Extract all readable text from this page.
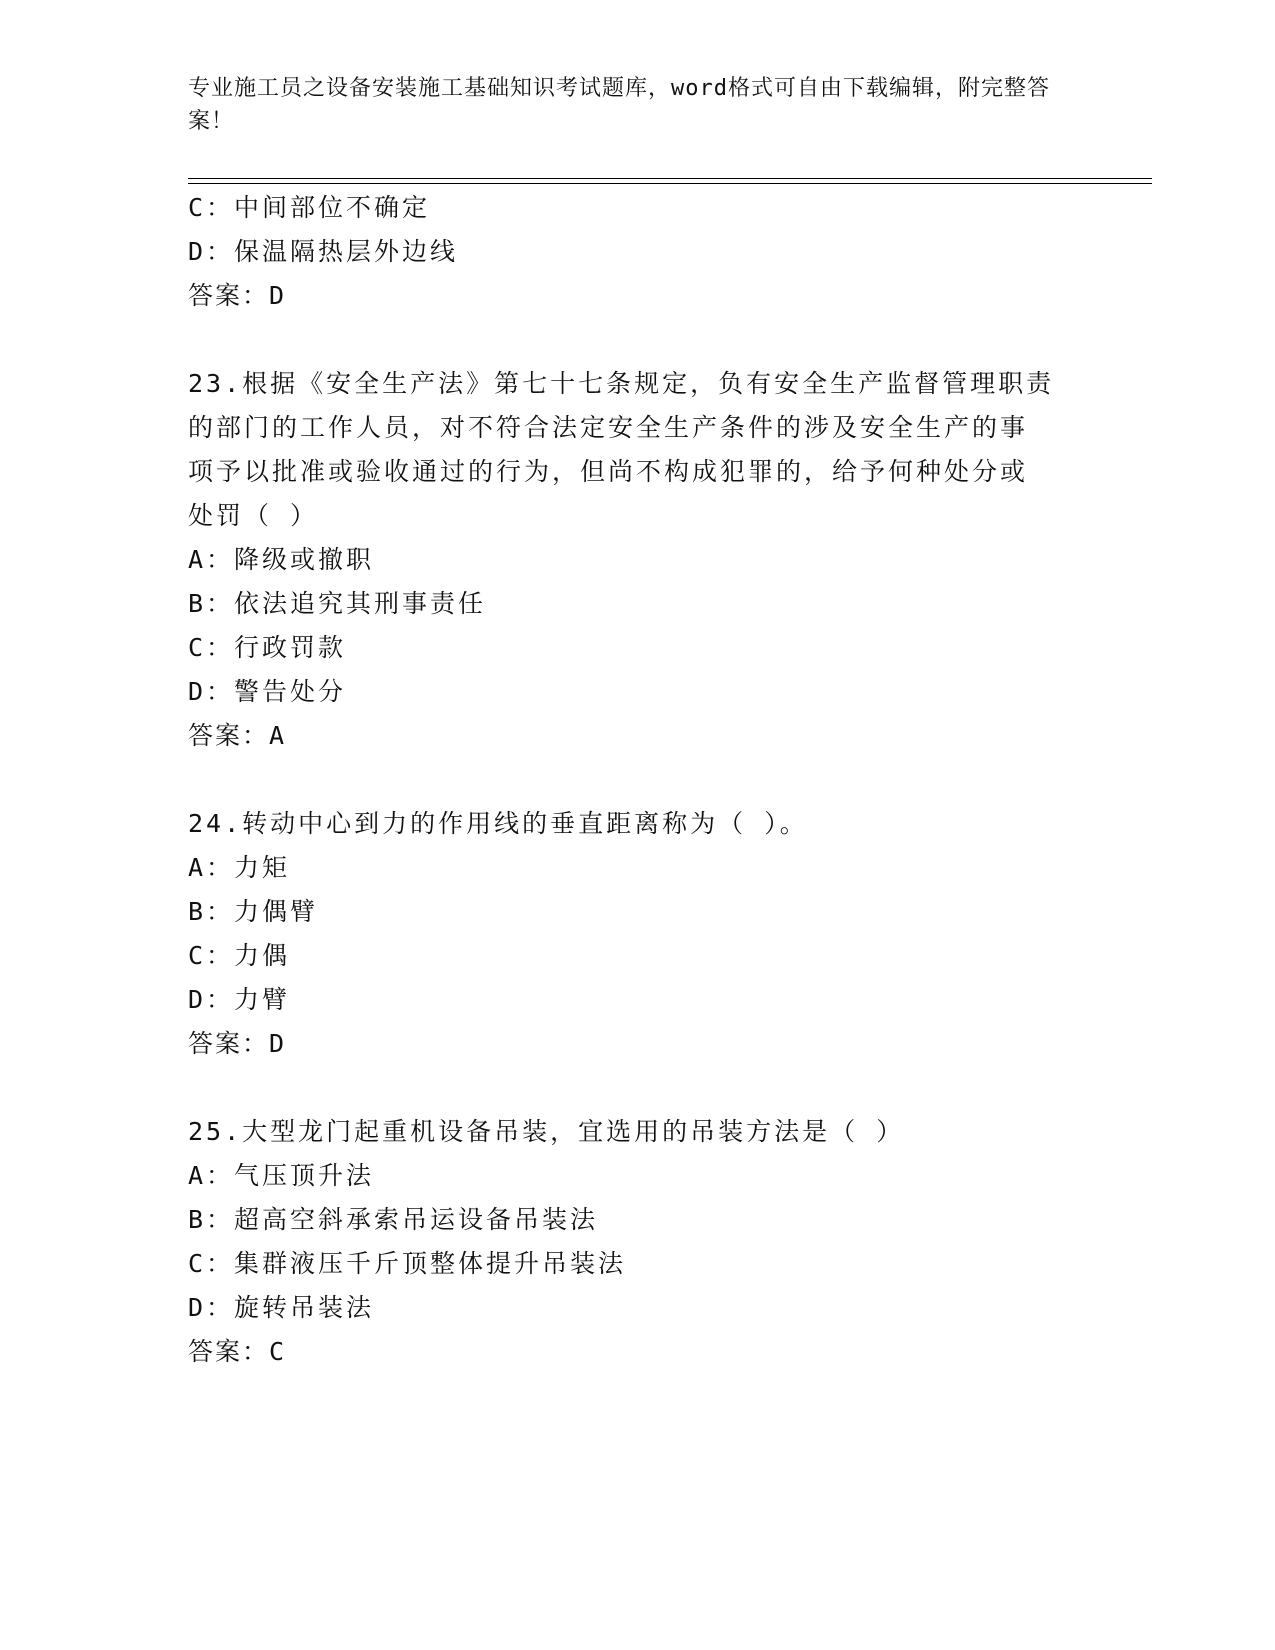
专业施工员之设备安装施工基础知识考试题库，word格式可自由下载编辑，附完整答案！
C：中间部位不确定
D：保温隔热层外边线
答案：D
23.根据《安全生产法》第七十七条规定，负有安全生产监督管理职责
的部门的工作人员，对不符合法定安全生产条件的涉及安全生产的事
项予以批准或验收通过的行为，但尚不构成犯罪的，给予何种处分或
处罚（ ）
A：降级或撤职
B：依法追究其刑事责任
C：行政罚款
D：警告处分
答案：A
24.转动中心到力的作用线的垂直距离称为（ ）。
A：力矩
B：力偶臂
C：力偶
D：力臂
答案：D
25.大型龙门起重机设备吊装，宜选用的吊装方法是（ ）
A：气压顶升法
B：超高空斜承索吊运设备吊装法
C：集群液压千斤顶整体提升吊装法
D：旋转吊装法
答案：C
